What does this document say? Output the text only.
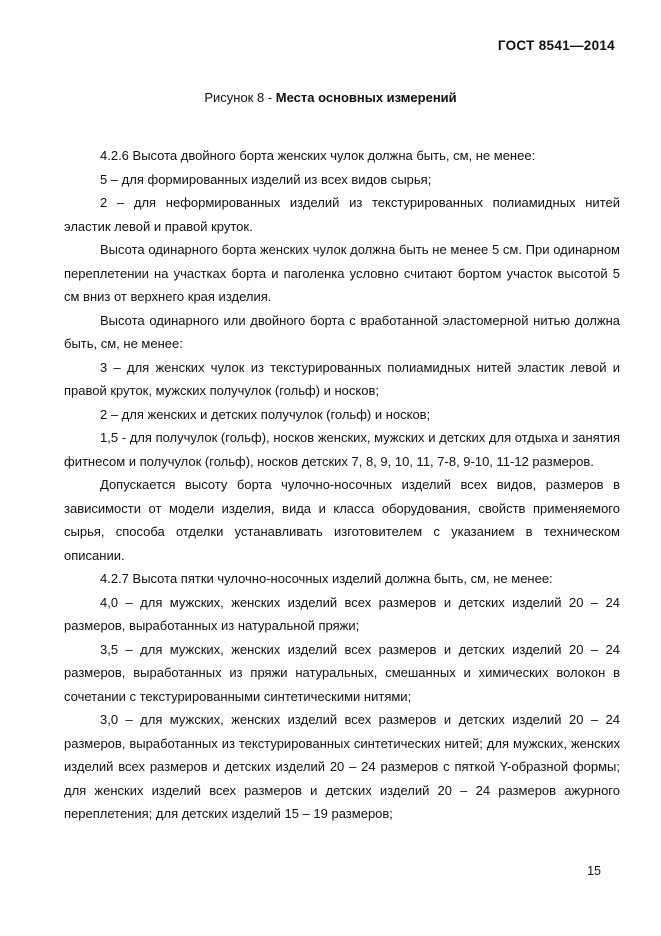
ГОСТ 8541—2014
Рисунок 8 - Места основных измерений

4.2.6 Высота двойного борта женских чулок должна быть, см, не менее:

5 – для формированных изделий из всех видов сырья;

2 – для неформированных изделий из текстурированных полиамидных нитей эластик левой и правой круток.

Высота одинарного борта женских чулок должна быть не менее 5 см. При одинарном переплетении на участках борта и паголенка условно считают бортом участок высотой 5 см вниз от верхнего края изделия.

Высота одинарного или двойного борта с вработанной эластомерной нитью должна быть, см, не менее:

3 – для женских чулок из текстурированных полиамидных нитей эластик левой и правой круток, мужских получулок (гольф) и носков;

2 – для женских и детских получулок (гольф) и носков;

1,5 - для получулок (гольф), носков женских, мужских и детских для отдыха и занятия фитнесом и получулок (гольф), носков детских 7, 8, 9, 10, 11, 7-8, 9-10, 11-12 размеров.

Допускается высоту борта чулочно-носочных изделий всех видов, размеров в зависимости от модели изделия, вида и класса оборудования, свойств применяемого сырья, способа отделки устанавливать изготовителем с указанием в техническом описании.

4.2.7 Высота пятки чулочно-носочных изделий должна быть, см, не менее:

4,0 – для мужских, женских изделий всех размеров и детских изделий 20 – 24 размеров, выработанных из натуральной пряжи;

3,5 – для мужских, женских изделий всех размеров и детских изделий 20 – 24 размеров, выработанных из пряжи натуральных, смешанных и химических волокон в сочетании с текстурированными синтетическими нитями;

3,0 – для мужских, женских изделий всех размеров и детских изделий 20 – 24 размеров, выработанных из текстурированных синтетических нитей; для мужских, женских изделий всех размеров и детских изделий 20 – 24 размеров с пяткой Y-образной формы; для женских изделий всех размеров и детских изделий 20 – 24 размеров ажурного переплетения; для детских изделий 15 – 19 размеров;

15
